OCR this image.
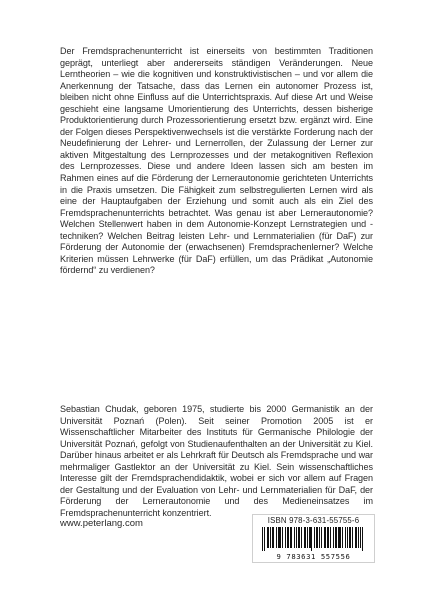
Der Fremdsprachenunterricht ist einerseits von bestimmten Traditionen geprägt, unterliegt aber andererseits ständigen Veränderungen. Neue Lerntheorien – wie die kognitiven und konstruktivistischen – und vor allem die Anerkennung der Tatsache, dass das Lernen ein autonomer Prozess ist, bleiben nicht ohne Einfluss auf die Unterrichtspraxis. Auf diese Art und Weise geschieht eine langsame Umorientierung des Unterrichts, dessen bisherige Produktorientierung durch Prozessorientierung ersetzt bzw. ergänzt wird. Eine der Folgen dieses Perspektivenwechsels ist die verstärkte Forderung nach der Neudefinierung der Lehrer- und Lernerrollen, der Zulassung der Lerner zur aktiven Mitgestaltung des Lernprozesses und der metakognitiven Reflexion des Lernprozesses. Diese und andere Ideen lassen sich am besten im Rahmen eines auf die Förderung der Lernerautonomie gerichteten Unterrichts in die Praxis umsetzen. Die Fähigkeit zum selbstregulierten Lernen wird als eine der Hauptaufgaben der Erziehung und somit auch als ein Ziel des Fremdsprachenunterrichts betrachtet. Was genau ist aber Lernerautonomie? Welchen Stellenwert haben in dem Autonomie-Konzept Lernstrategien und -techniken? Welchen Beitrag leisten Lehr- und Lernmaterialien (für DaF) zur Förderung der Autonomie der (erwachsenen) Fremdsprachenlerner? Welche Kriterien müssen Lehrwerke (für DaF) erfüllen, um das Prädikat „Autonomie fördernd“ zu verdienen?

Sebastian Chudak, geboren 1975, studierte bis 2000 Germanistik an der Universität Poznań (Polen). Seit seiner Promotion 2005 ist er Wissenschaftlicher Mitarbeiter des Instituts für Germanische Philologie der Universität Poznań, gefolgt von Studienaufenthalten an der Universität zu Kiel. Darüber hinaus arbeitet er als Lehrkraft für Deutsch als Fremdsprache und war mehrmaliger Gastlektor an der Universität zu Kiel. Sein wissenschaftliches Interesse gilt der Fremdsprachendidaktik, wobei er sich vor allem auf Fragen der Gestaltung und der Evaluation von Lehr- und Lernmaterialien für DaF, der Förderung der Lernerautonomie und des Medieneinsatzes im Fremdsprachenunterricht konzentriert.

www.peterlang.com	ISBN 978-3-631-55755-6
9 783631 557556
